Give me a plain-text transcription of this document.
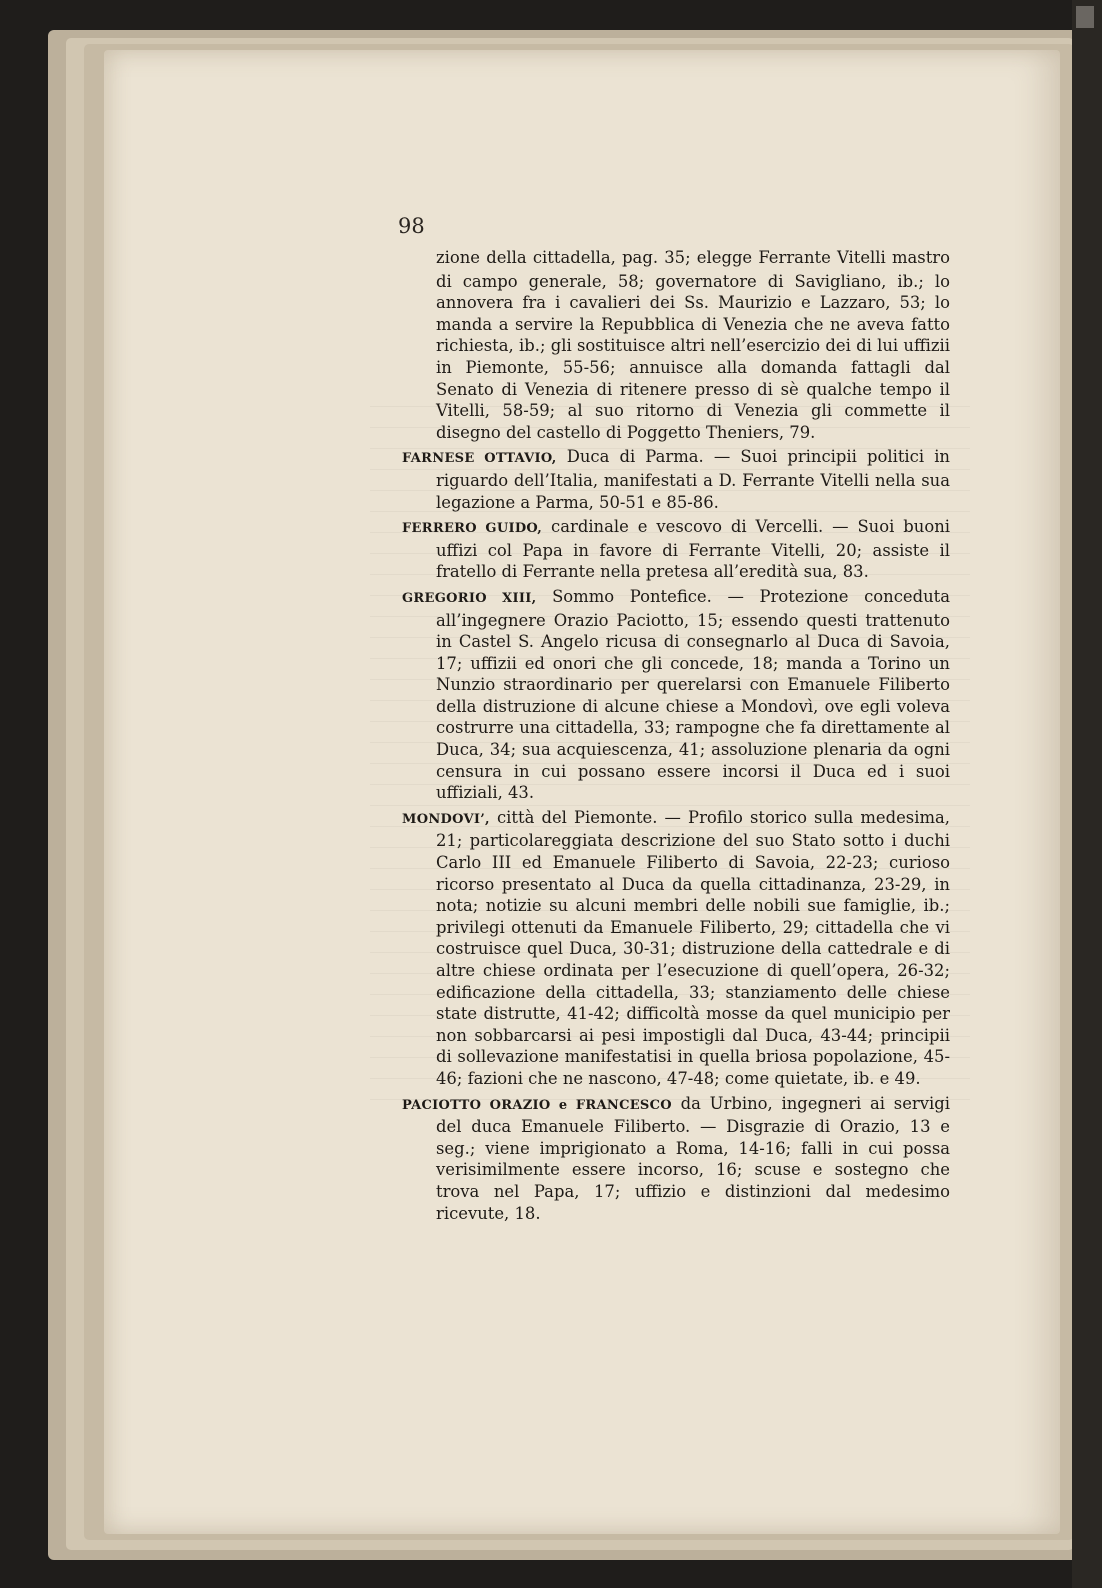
98

zione della cittadella, pag. 35; elegge Ferrante Vitelli mastro di campo generale, 58; governatore di Savigliano, ib.; lo annovera fra i cavalieri dei Ss. Maurizio e Lazzaro, 53; lo manda a servire la Repubblica di Venezia che ne aveva fatto richiesta, ib.; gli sostituisce altri nell’esercizio dei di lui uffizii in Piemonte, 55-56; annuisce alla domanda fattagli dal Senato di Venezia di ritenere presso di sè qualche tempo il Vitelli, 58-59; al suo ritorno di Venezia gli commette il disegno del castello di Poggetto Theniers, 79.

FARNESE OTTAVIO, Duca di Parma. — Suoi principii politici in riguardo dell’Italia, manifestati a D. Ferrante Vitelli nella sua legazione a Parma, 50-51 e 85-86.

FERRERO GUIDO, cardinale e vescovo di Vercelli. — Suoi buoni uffizi col Papa in favore di Ferrante Vitelli, 20; assiste il fratello di Ferrante nella pretesa all’eredità sua, 83.

GREGORIO XIII, Sommo Pontefice. — Protezione conceduta all’ingegnere Orazio Paciotto, 15; essendo questi trattenuto in Castel S. Angelo ricusa di consegnarlo al Duca di Savoia, 17; uffizii ed onori che gli concede, 18; manda a Torino un Nunzio straordinario per querelarsi con Emanuele Filiberto della distruzione di alcune chiese a Mondovì, ove egli voleva costrurre una cittadella, 33; rampogne che fa direttamente al Duca, 34; sua acquiescenza, 41; assoluzione plenaria da ogni censura in cui possano essere incorsi il Duca ed i suoi uffiziali, 43.

MONDOVI’, città del Piemonte. — Profilo storico sulla medesima, 21; particolareggiata descrizione del suo Stato sotto i duchi Carlo III ed Emanuele Filiberto di Savoia, 22-23; curioso ricorso presentato al Duca da quella cittadinanza, 23-29, in nota; notizie su alcuni membri delle nobili sue famiglie, ib.; privilegi ottenuti da Emanuele Filiberto, 29; cittadella che vi costruisce quel Duca, 30-31; distruzione della cattedrale e di altre chiese ordinata per l’esecuzione di quell’opera, 26-32; edificazione della cittadella, 33; stanziamento delle chiese state distrutte, 41-42; difficoltà mosse da quel municipio per non sobbarcarsi ai pesi impostigli dal Duca, 43-44; principii di sollevazione manifestatisi in quella briosa popolazione, 45-46; fazioni che ne nascono, 47-48; come quietate, ib. e 49.

PACIOTTO ORAZIO e FRANCESCO da Urbino, ingegneri ai servigi del duca Emanuele Filiberto. — Disgrazie di Orazio, 13 e seg.; viene imprigionato a Roma, 14-16; falli in cui possa verisimilmente essere incorso, 16; scuse e sostegno che trova nel Papa, 17; uffizio e distinzioni dal medesimo ricevute, 18.
